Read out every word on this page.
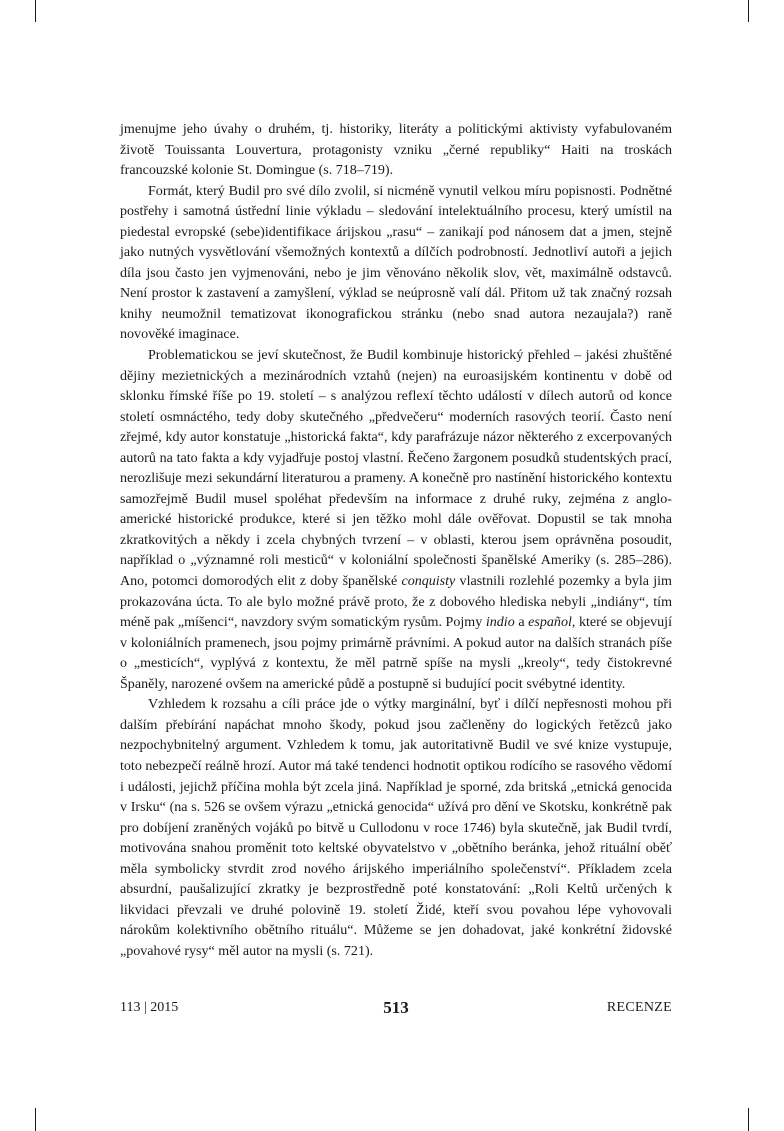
jmenujme jeho úvahy o druhém, tj. historiky, literáty a politickými aktivisty vyfabulovaném životě Touissanta Louvertura, protagonisty vzniku „černé republiky“ Haiti na troskách francouzské kolonie St. Domingue (s. 718–719).

Formát, který Budil pro své dílo zvolil, si nicméně vynutil velkou míru popisnosti. Podnětné postřehy i samotná ústřední linie výkladu – sledování intelektuálního procesu, který umístil na piedestal evropské (sebe)identifikace árijskou „rasu“ – zanikají pod nánosem dat a jmen, stejně jako nutných vysvětlování všemožných kontextů a dílčích podrobností. Jednotliví autoři a jejich díla jsou často jen vyjmenováni, nebo je jim věnováno několik slov, vět, maximálně odstavců. Není prostor k zastavení a zamyšlení, výklad se neúprosně valí dál. Přitom už tak značný rozsah knihy neumožnil tematizovat ikonografickou stránku (nebo snad autora nezaujala?) raně novověké imaginace.

Problematickou se jeví skutečnost, že Budil kombinuje historický přehled – jakési zhuštěné dějiny mezietnických a mezinárodních vztahů (nejen) na euroasijském kontinentu v době od sklonku římské říše po 19. století – s analýzou reflexí těchto událostí v dílech autorů od konce století osmnáctého, tedy doby skutečného „předvečeru“ moderních rasových teorií. Často není zřejmé, kdy autor konstatuje „historická fakta“, kdy parafrázuje názor některého z excerpovaných autorů na tato fakta a kdy vyjadřuje postoj vlastní. Řečeno žargonem posudků studentských prací, nerozlišuje mezi sekundární literaturou a prameny. A konečně pro nastínění historického kontextu samozřejmě Budil musel spoléhat především na informace z druhé ruky, zejména z anglo-americké historické produkce, které si jen těžko mohl dále ověřovat. Dopustil se tak mnoha zkratkovitých a někdy i zcela chybných tvrzení – v oblasti, kterou jsem oprávněna posoudit, například o „významné roli mesticů“ v koloniální společnosti španělské Ameriky (s. 285–286). Ano, potomci domorodých elit z doby španělské conquisty vlastnili rozlehlé pozemky a byla jim prokazována úcta. To ale bylo možné právě proto, že z dobového hlediska nebyli „indiány“, tím méně pak „míšenci“, navzdory svým somatickým rysům. Pojmy indio a español, které se objevují v koloniálních pramenech, jsou pojmy primárně právními. A pokud autor na dalších stranách píše o „mesticích“, vyplývá z kontextu, že měl patrně spíše na mysli „kreoly“, tedy čistokrevné Španěly, narozené ovšem na americké půdě a postupně si budující pocit svébytné identity.

Vzhledem k rozsahu a cíli práce jde o výtky marginální, byť i dílčí nepřesnosti mohou při dalším přebírání napáchat mnoho škody, pokud jsou začleněny do logických řetězců jako nezpochybnitelný argument. Vzhledem k tomu, jak autoritativně Budil ve své knize vystupuje, toto nebezpečí reálně hrozí. Autor má také tendenci hodnotit optikou rodícího se rasového vědomí i události, jejichž příčina mohla být zcela jiná. Například je sporné, zda britská „etnická genocida v Irsku“ (na s. 526 se ovšem výrazu „etnická genocida“ užívá pro dění ve Skotsku, konkrétně pak pro dobíjení zraněných vojáků po bitvě u Cullodonu v roce 1746) byla skutečně, jak Budil tvrdí, motivována snahou proměnit toto keltské obyvatelstvo v „obětního beránka, jehož rituální oběť měla symbolicky stvrdit zrod nového árijského imperiálního společenství“. Příkladem zcela absurdní, paušalizující zkratky je bezprostředně poté konstatování: „Roli Keltů určených k likvidaci převzali ve druhé polovině 19. století Židé, kteří svou povahou lépe vyhovovali nárokům kolektivního obětního rituálu“. Můžeme se jen dohadovat, jaké konkrétní židovské „povahové rysy“ měl autor na mysli (s. 721).

113 | 2015	513	RECENZE
